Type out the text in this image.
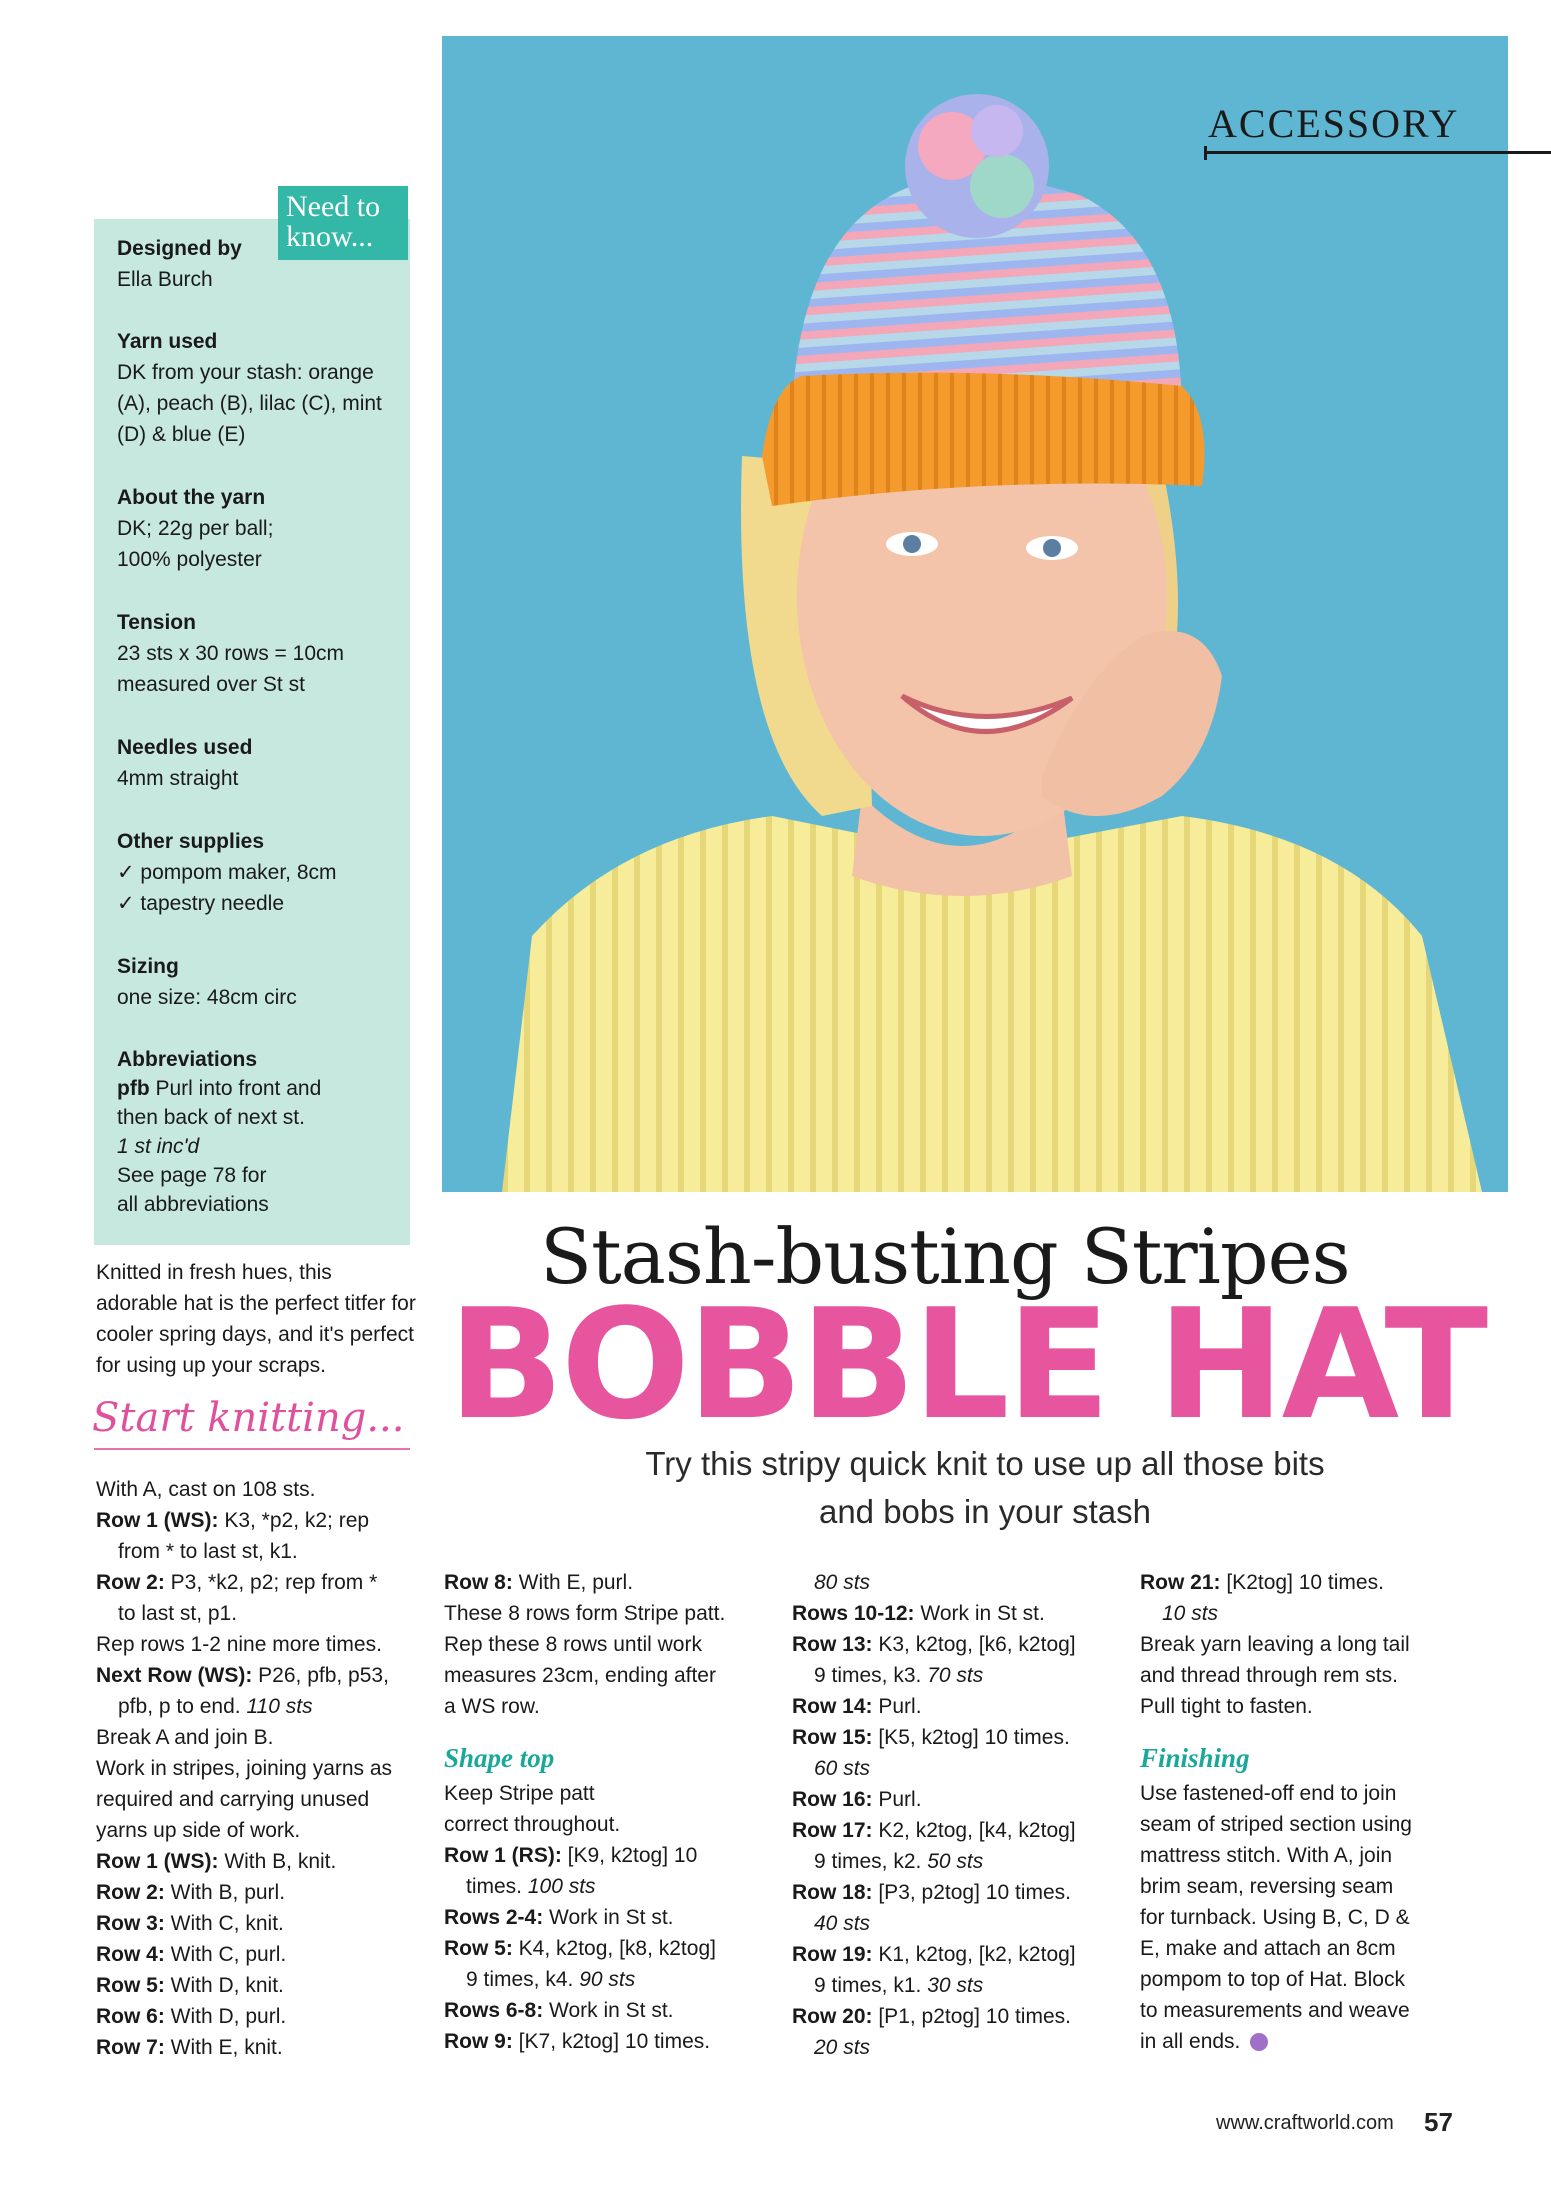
ACCESSORY
Need to know...
Designed by
Ella Burch
Yarn used
DK from your stash: orange
(A), peach (B), lilac (C), mint
(D) & blue (E)
About the yarn
DK; 22g per ball;
100% polyester
Tension
23 sts x 30 rows = 10cm
measured over St st
Needles used
4mm straight
Other supplies
✓ pompom maker, 8cm
✓ tapestry needle
Sizing
one size: 48cm circ
Abbreviations
pfb Purl into front and
then back of next st.
1 st inc'd
See page 78 for
all abbreviations
Knitted in fresh hues, this adorable hat is the perfect titfer for cooler spring days, and it's perfect for using up your scraps.
Start knitting...
Stash-busting Stripes
BOBBLE HAT
Try this stripy quick knit to use up all those bits
and bobs in your stash
With A, cast on 108 sts.
Row 1 (WS): K3, *p2, k2; rep
from * to last st, k1.
Row 2: P3, *k2, p2; rep from *
to last st, p1.
Rep rows 1-2 nine more times.
Next Row (WS): P26, pfb, p53,
pfb, p to end. 110 sts
Break A and join B.
Work in stripes, joining yarns as
required and carrying unused
yarns up side of work.
Row 1 (WS): With B, knit.
Row 2: With B, purl.
Row 3: With C, knit.
Row 4: With C, purl.
Row 5: With D, knit.
Row 6: With D, purl.
Row 7: With E, knit.
Row 8: With E, purl.
These 8 rows form Stripe patt.
Rep these 8 rows until work
measures 23cm, ending after
a WS row.
Shape top
Keep Stripe patt
correct throughout.
Row 1 (RS): [K9, k2tog] 10
times. 100 sts
Rows 2-4: Work in St st.
Row 5: K4, k2tog, [k8, k2tog]
9 times, k4. 90 sts
Rows 6-8: Work in St st.
Row 9: [K7, k2tog] 10 times.
80 sts
Rows 10-12: Work in St st.
Row 13: K3, k2tog, [k6, k2tog]
9 times, k3. 70 sts
Row 14: Purl.
Row 15: [K5, k2tog] 10 times.
60 sts
Row 16: Purl.
Row 17: K2, k2tog, [k4, k2tog]
9 times, k2. 50 sts
Row 18: [P3, p2tog] 10 times.
40 sts
Row 19: K1, k2tog, [k2, k2tog]
9 times, k1. 30 sts
Row 20: [P1, p2tog] 10 times.
20 sts
Row 21: [K2tog] 10 times.
10 sts
Break yarn leaving a long tail
and thread through rem sts.
Pull tight to fasten.
Finishing
Use fastened-off end to join
seam of striped section using
mattress stitch. With A, join
brim seam, reversing seam
for turnback. Using B, C, D &
E, make and attach an 8cm
pompom to top of Hat. Block
to measurements and weave
in all ends.
www.craftworld.com 57
